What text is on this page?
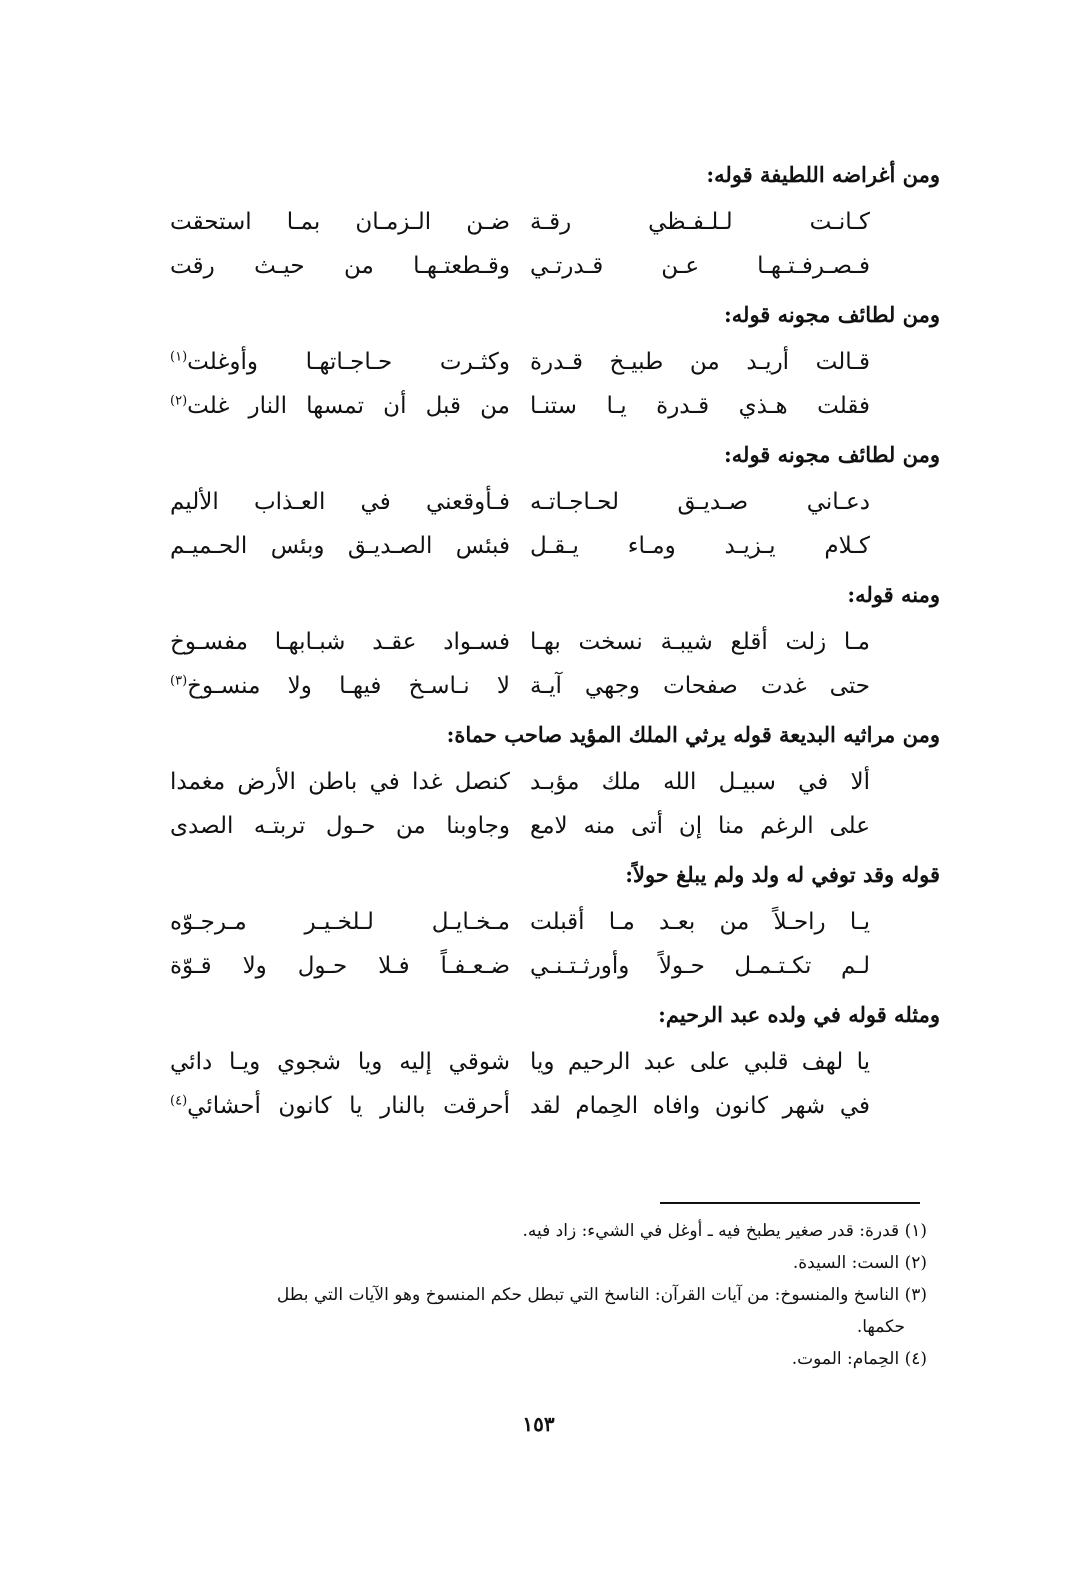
ومن أغراضه اللطيفة قوله:
كـانـت لـلـفـظي رقـة
ضـن الـزمـان بمـا استحقت
فـصـرفـتـهـا عـن قـدرتـي
وقـطعتـهـا من حيـث رقت
ومن لطائف مجونه قوله:
قـالت أريـد من طبيـخ قـدرة
وكثـرت حـاجـاتهـا وأوغلت$^{(١)}$
فقلت هـذي قـدرة يـا ستنـا
من قبل أن تمسها النار غلت$^{(٢)}$
ومن لطائف مجونه قوله:
دعـاني صـديـق لحـاجـاتـه
فـأوقعني في العـذاب الأليم
كـلام يـزيـد ومـاء يـقـل
فبئس الصـديـق وبئس الحـميـم
ومنه قوله:
مـا زلت أقلع شيبـة نسخت بهـا
فسـواد عقـد شبـابهـا مفسـوخ
حتى غدت صفحات وجهي آيـة
لا نـاسـخ فيهـا ولا منسـوخ$^{(٣)}$
ومن مراثيه البديعة قوله يرثي الملك المؤيد صاحب حماة:
ألا في سبيـل الله ملك مؤبـد
كنصل غدا في باطن الأرض مغمدا
على الرغم منا إن أتى منه لامع
وجاوبنا من حـول تربتـه الصدى
قوله وقد توفي له ولد ولم يبلغ حولاً:
يـا راحـلاً من بعـد مـا أقبلت
مـخـايـل لـلخـيـر مـرجـوّه
لـم تكـتـمـل حـولاً وأورثـتـنـي
ضـعـفـاً فـلا حـول ولا قـوّة
ومثله قوله في ولده عبد الرحيم:
يا لهف قلبي على عبد الرحيم ويا
شوقي إليه ويا شجوي ويـا دائي
في شهر كانون وافاه الحِمام لقد
أحرقت بالنار يا كانون أحشائي$^{(٤)}$
(١) قدرة: قدر صغير يطبخ فيه ـ أوغل في الشيء: زاد فيه.
(٢) الست: السيدة.
(٣) الناسخ والمنسوخ: من آيات القرآن: الناسخ التي تبطل حكم المنسوخ وهو الآيات التي بطل
حكمها.
(٤) الحِمام: الموت.
١٥٣
